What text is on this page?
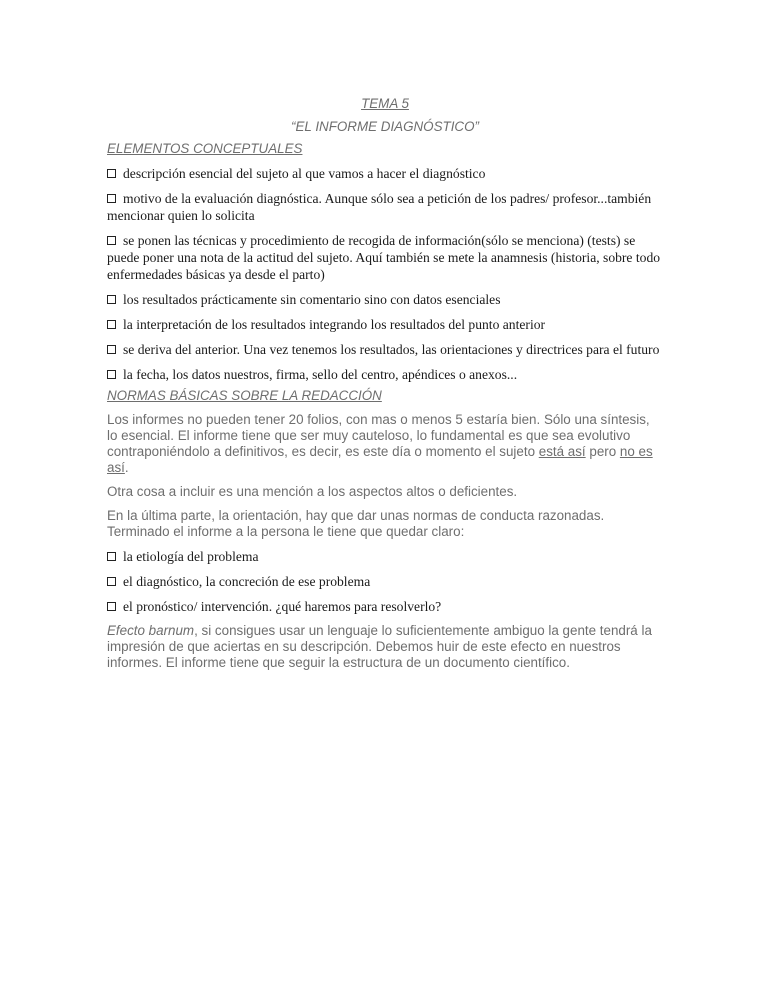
TEMA 5

“EL INFORME DIAGNÓSTICO”

ELEMENTOS CONCEPTUALES

descripción esencial del sujeto al que vamos a hacer el diagnóstico
motivo de la evaluación diagnóstica. Aunque sólo sea a petición de los padres/ profesor...también mencionar quien lo solicita
se ponen las técnicas y procedimiento de recogida de información(sólo se menciona) (tests) se puede poner una nota de la actitud del sujeto. Aquí también se mete la anamnesis (historia, sobre todo enfermedades básicas ya desde el parto)
los resultados prácticamente sin comentario sino con datos esenciales
la interpretación de los resultados integrando los resultados del punto anterior
se deriva del anterior. Una vez tenemos los resultados, las orientaciones y directrices para el futuro
la fecha, los datos nuestros, firma, sello del centro, apéndices o anexos...

NORMAS BÁSICAS SOBRE LA REDACCIÓN

Los informes no pueden tener 20 folios, con mas o menos 5 estaría bien. Sólo una síntesis, lo esencial. El informe tiene que ser muy cauteloso, lo fundamental es que sea evolutivo contraponiéndolo a definitivos, es decir, es este día o momento el sujeto está así pero no es así.

Otra cosa a incluir es una mención a los aspectos altos o deficientes.

En la última parte, la orientación, hay que dar unas normas de conducta razonadas. Terminado el informe a la persona le tiene que quedar claro:

la etiología del problema
el diagnóstico, la concreción de ese problema
el pronóstico/ intervención. ¿qué haremos para resolverlo?

Efecto barnum, si consigues usar un lenguaje lo suficientemente ambiguo la gente tendrá la impresión de que aciertas en su descripción. Debemos huir de este efecto en nuestros informes. El informe tiene que seguir la estructura de un documento científico.
